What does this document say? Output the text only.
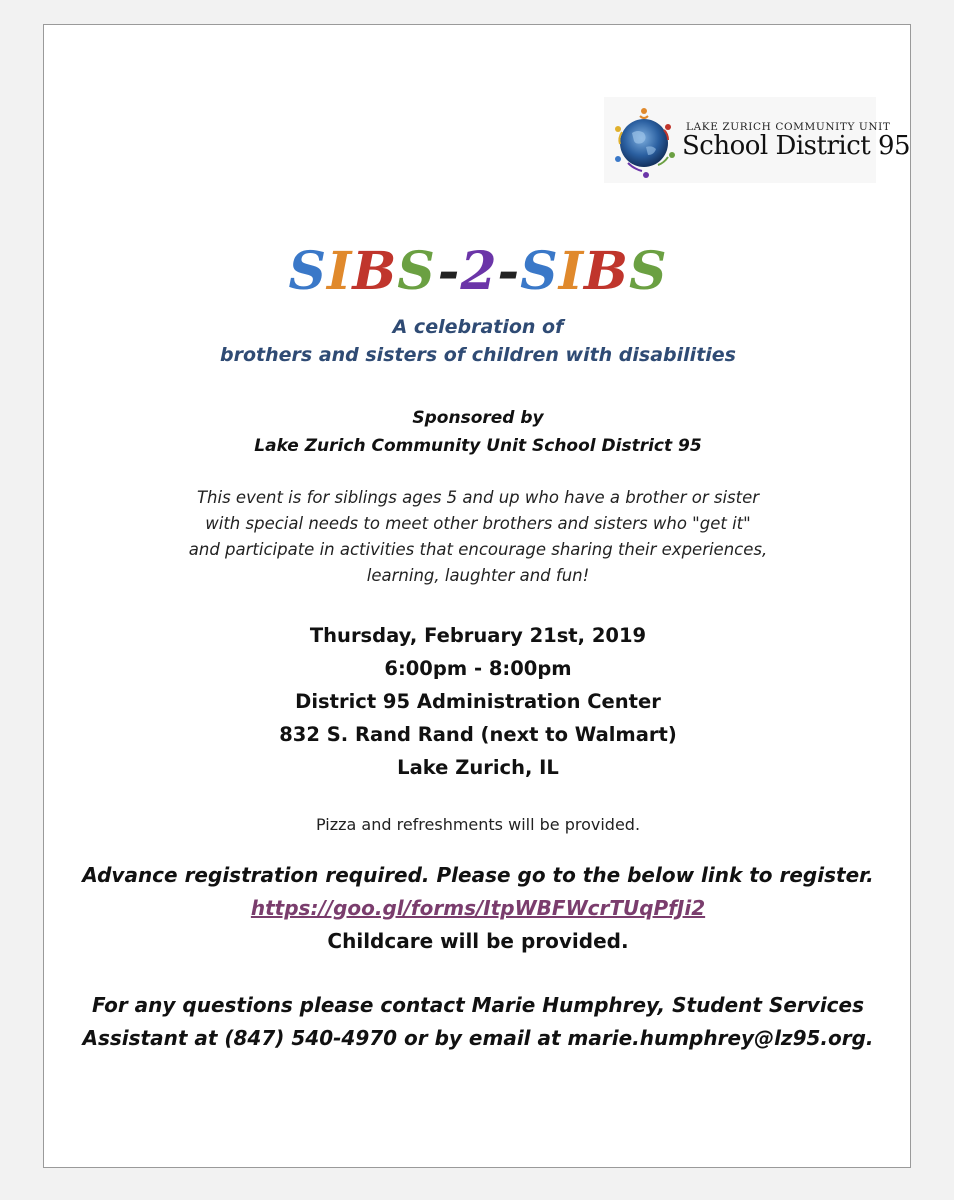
LAKE ZURICH COMMUNITY UNIT
School District 95
SIBS-2-SIBS
A celebration of
brothers and sisters of children with disabilities
Sponsored by
Lake Zurich Community Unit School District 95
This event is for siblings ages 5 and up who have a brother or sister
with special needs to meet other brothers and sisters who "get it"
and participate in activities that encourage sharing their experiences,
learning, laughter and fun!
Thursday, February 21st, 2019
6:00pm - 8:00pm
District 95 Administration Center
832 S. Rand Rand (next to Walmart)
Lake Zurich, IL
Pizza and refreshments will be provided.
Advance registration required. Please go to the below link to register.
https://goo.gl/forms/ItpWBFWcrTUqPfJi2
Childcare will be provided.
For any questions please contact Marie Humphrey, Student Services
Assistant at (847) 540-4970 or by email at marie.humphrey@lz95.org.
